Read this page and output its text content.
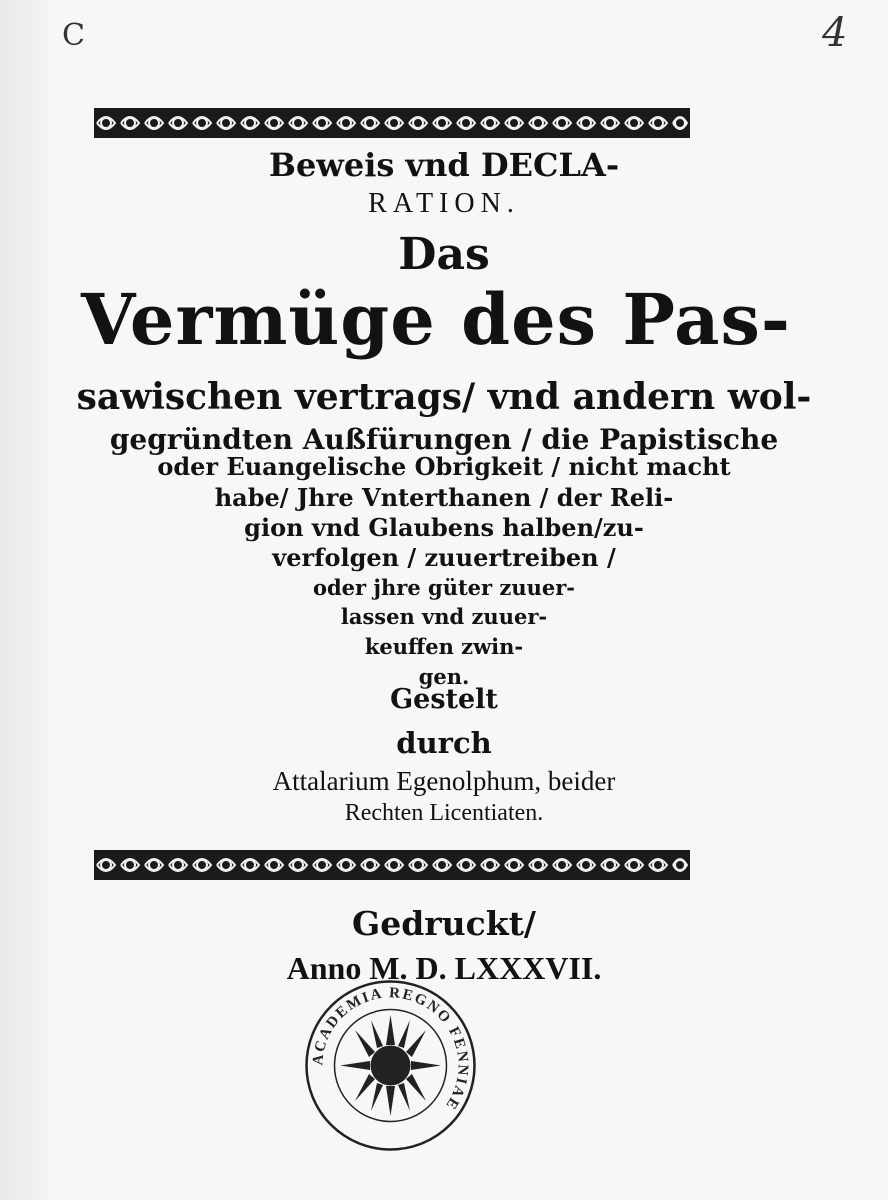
C	4
Beweis vnd DECLA-
RATION.
Das
Vermüge des Pas-
sawischen vertrags/ vnd andern wol-
gegründten Außfürungen / die Papistische
oder Euangelische Obrigkeit / nicht macht
habe/ Jhre Vnterthanen / der Reli-
gion vnd Glaubens halben/zu-
verfolgen / zuuertreiben /
oder jhre güter zuuer-
lassen vnd zuuer-
keuffen zwin-
gen.
Gestelt
durch
Attalarium Egenolphum, beider
Rechten Licentiaten.
Gedruckt/
Anno M. D. LXXXVII.
ACADEMIA REGNO FENNIAE
